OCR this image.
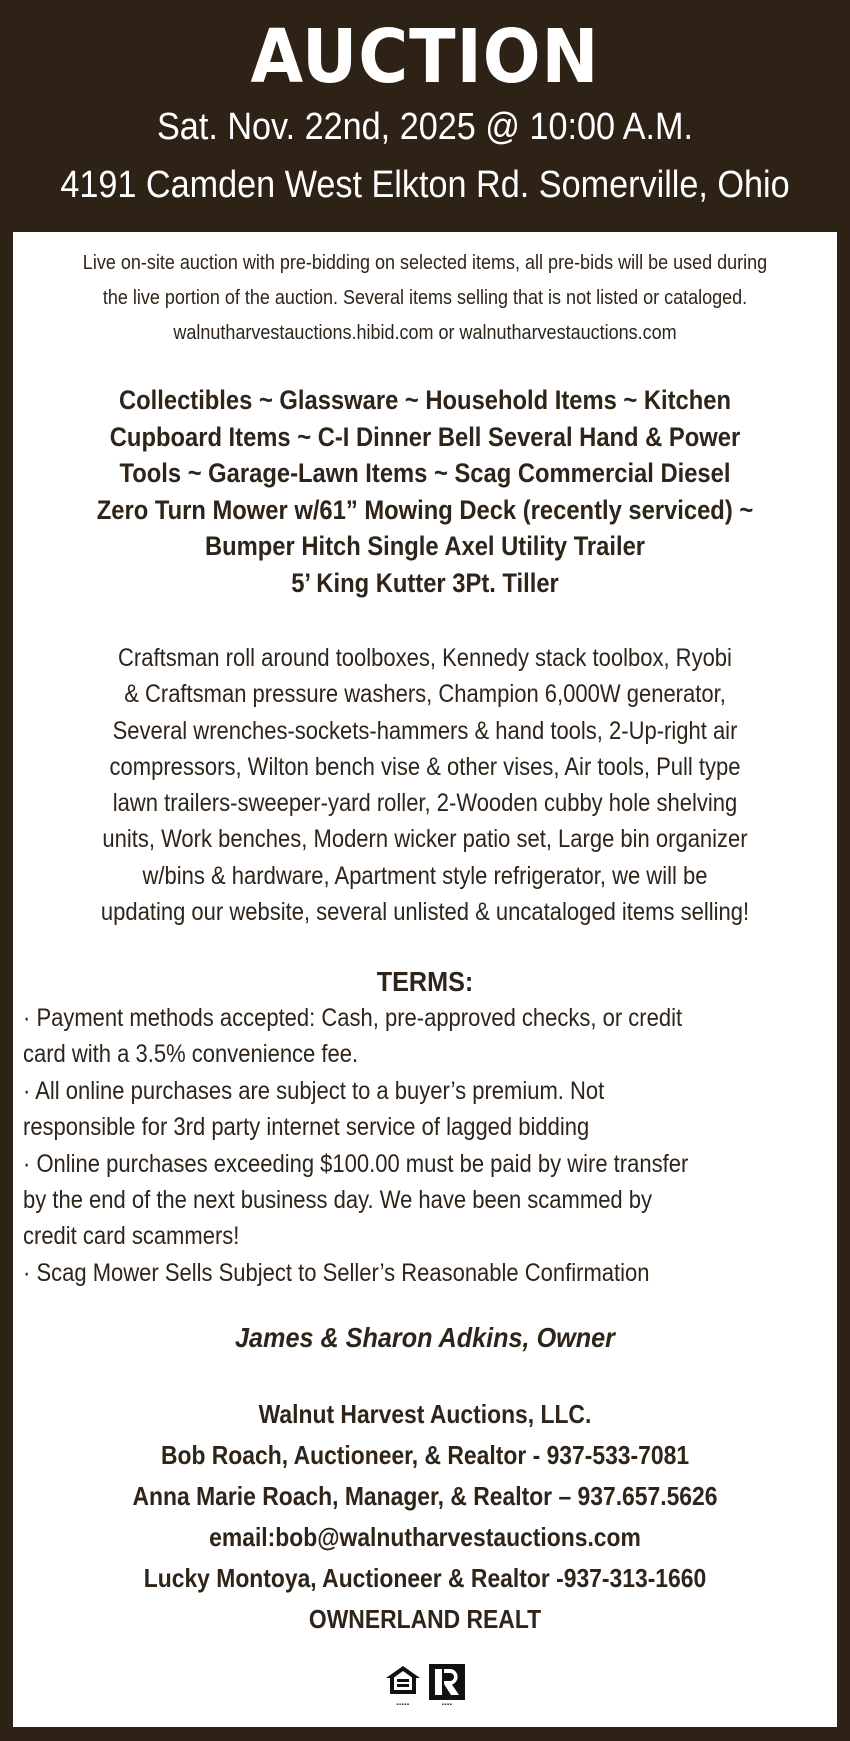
AUCTION
Sat. Nov. 22nd, 2025 @ 10:00 A.M.
4191 Camden West Elkton Rd. Somerville, Ohio
Live on-site auction with pre-bidding on selected items, all pre-bids will be used during the live portion of the auction. Several items selling that is not listed or cataloged. walnutharvestauctions.hibid.com or walnutharvestauctions.com
Collectibles ~ Glassware ~ Household Items ~ Kitchen
Cupboard Items ~ C-I Dinner Bell Several Hand & Power
Tools ~ Garage-Lawn Items ~ Scag Commercial Diesel
Zero Turn Mower w/61” Mowing Deck (recently serviced) ~
Bumper Hitch Single Axel Utility Trailer
5’ King Kutter 3Pt. Tiller
Craftsman roll around toolboxes, Kennedy stack toolbox, Ryobi
& Craftsman pressure washers, Champion 6,000W generator,
Several wrenches-sockets-hammers & hand tools, 2-Up-right air
compressors, Wilton bench vise & other vises, Air tools, Pull type
lawn trailers-sweeper-yard roller, 2-Wooden cubby hole shelving
units, Work benches, Modern wicker patio set, Large bin organizer
w/bins & hardware, Apartment style refrigerator, we will be
updating our website, several unlisted & uncataloged items selling!
TERMS:
· Payment methods accepted: Cash, pre-approved checks, or credit
card with a 3.5% convenience fee.
· All online purchases are subject to a buyer’s premium. Not
responsible for 3rd party internet service of lagged bidding
· Online purchases exceeding $100.00 must be paid by wire transfer
by the end of the next business day. We have been scammed by
credit card scammers!
· Scag Mower Sells Subject to Seller’s Reasonable Confirmation
James & Sharon Adkins, Owner
Walnut Harvest Auctions, LLC.
Bob Roach, Auctioneer, & Realtor - 937-533-7081
Anna Marie Roach, Manager, & Realtor – 937.657.5626
email:bob@walnutharvestauctions.com
Lucky Montoya, Auctioneer & Realtor -937-313-1660
OWNERLAND REALT
▪▪▪▪▪	▪▪▪▪
